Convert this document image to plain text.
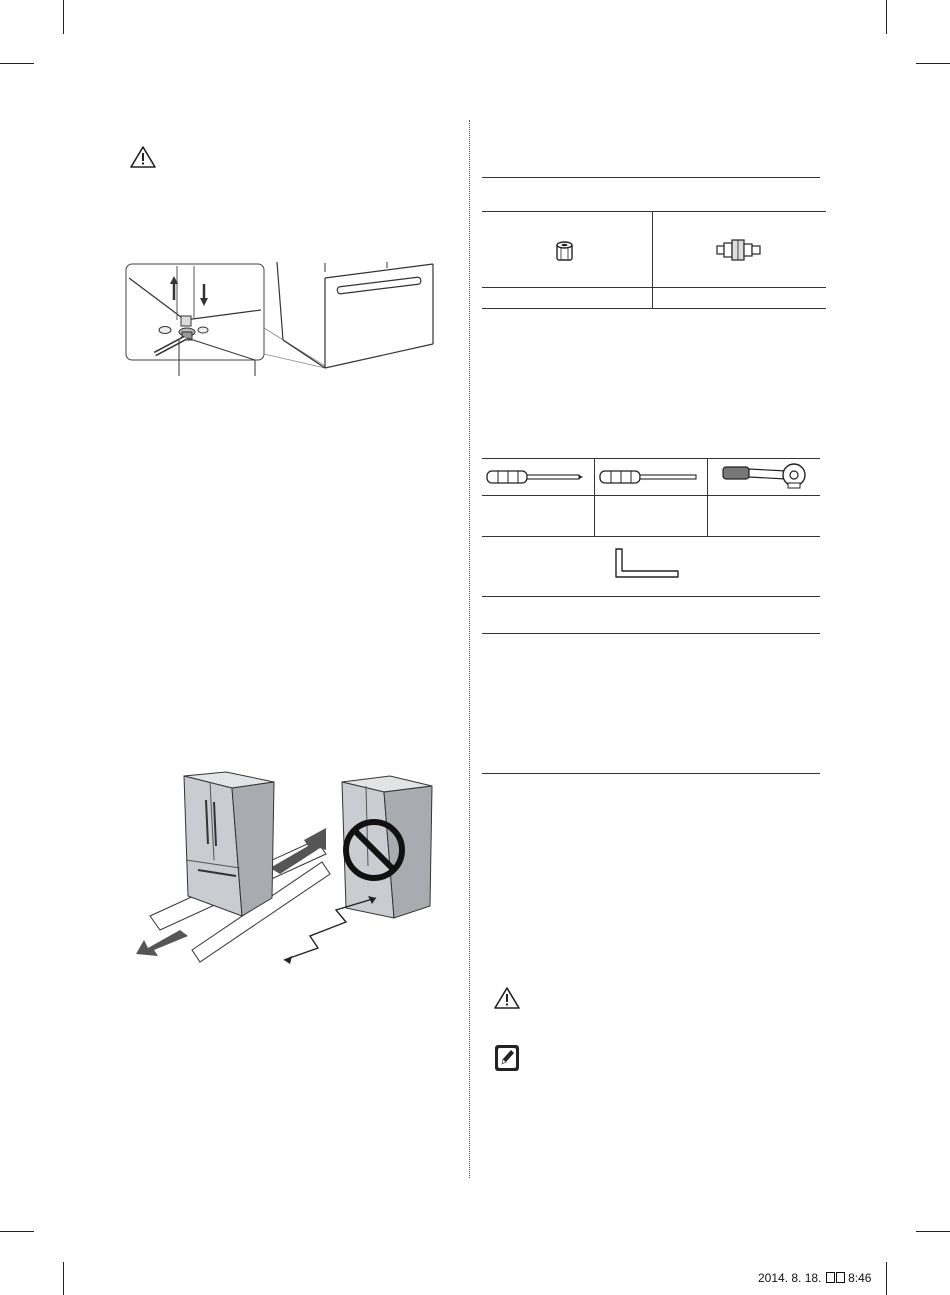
2014. 8. 18. 8:46
